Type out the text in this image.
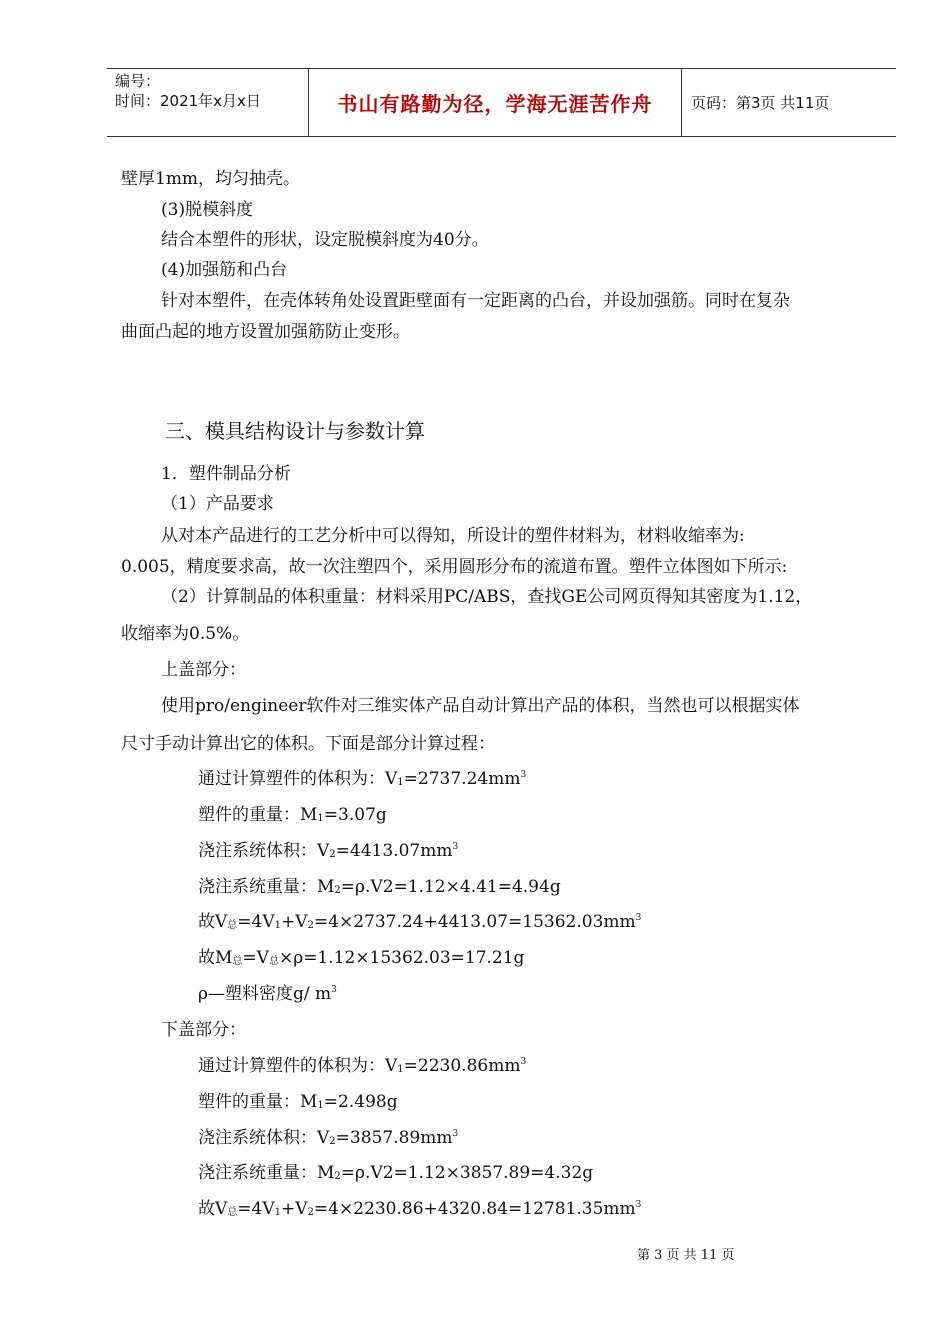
编号：
时间：2021年x月x日	书山有路勤为径，学海无涯苦作舟	页码：第3页 共11页
壁厚1mm，均匀抽壳。
(3)脱模斜度
结合本塑件的形状，设定脱模斜度为40分。
(4)加强筋和凸台
针对本塑件，在壳体转角处设置距壁面有一定距离的凸台，并设加强筋。同时在复杂
曲面凸起的地方设置加强筋防止变形。
三、模具结构设计与参数计算
1．塑件制品分析
（1）产品要求
从对本产品进行的工艺分析中可以得知，所设计的塑件材料为，材料收缩率为:
0.005，精度要求高，故一次注塑四个，采用圆形分布的流道布置。塑件立体图如下所示:
（2）计算制品的体积重量：材料采用PC/ABS，查找GE公司网页得知其密度为1.12，
收缩率为0.5%。
上盖部分：
使用pro/engineer软件对三维实体产品自动计算出产品的体积，当然也可以根据实体
尺寸手动计算出它的体积。下面是部分计算过程：
通过计算塑件的体积为：$V_1=2737.24mm^3$
塑件的重量：$M_1=3.07g$
浇注系统体积：$V_2=4413.07mm^3$
浇注系统重量：$M_2=\rho.V2=1.12\times 4.41=4.94g$
故$V_总=4V_1+V_2=4\times 2737.24+4413.07=15362.03mm^3$
故$M_总=V_总\times\rho=1.12\times 15362.03=17.21g$
ρ—塑料密度g/ $m^3$
下盖部分：
通过计算塑件的体积为：$V_1=2230.86mm^3$
塑件的重量：$M_1=2.498g$
浇注系统体积：$V_2=3857.89mm^3$
浇注系统重量：$M_2=\rho.V2=1.12\times 3857.89=4.32g$
故$V_总=4V_1+V_2=4\times 2230.86+4320.84=12781.35mm^3$
第 3 页 共 11 页
